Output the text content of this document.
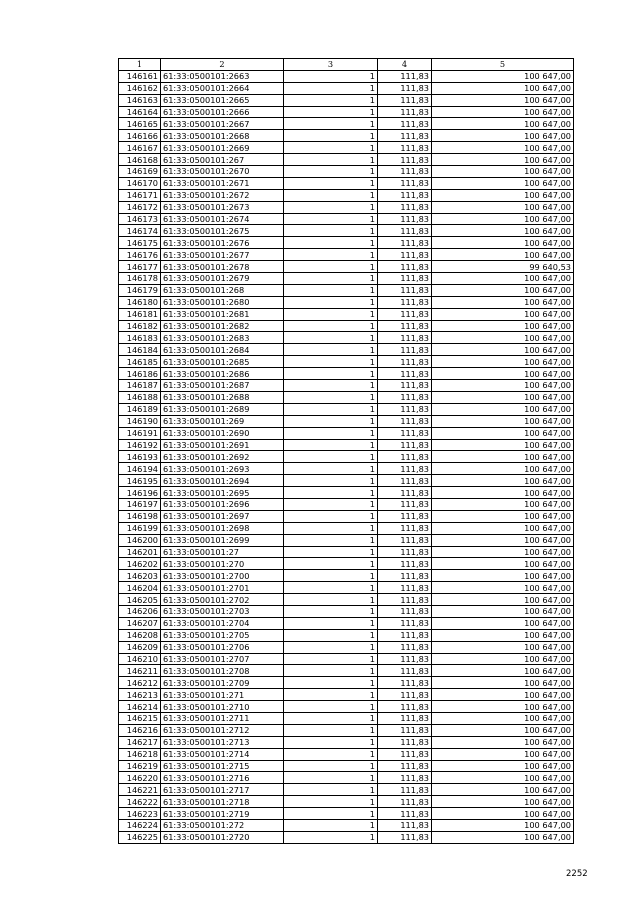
1	2	3	4	5
146161	61:33:0500101:2663	1	111,83	100 647,00
146162	61:33:0500101:2664	1	111,83	100 647,00
146163	61:33:0500101:2665	1	111,83	100 647,00
146164	61:33:0500101:2666	1	111,83	100 647,00
146165	61:33:0500101:2667	1	111,83	100 647,00
146166	61:33:0500101:2668	1	111,83	100 647,00
146167	61:33:0500101:2669	1	111,83	100 647,00
146168	61:33:0500101:267	1	111,83	100 647,00
146169	61:33:0500101:2670	1	111,83	100 647,00
146170	61:33:0500101:2671	1	111,83	100 647,00
146171	61:33:0500101:2672	1	111,83	100 647,00
146172	61:33:0500101:2673	1	111,83	100 647,00
146173	61:33:0500101:2674	1	111,83	100 647,00
146174	61:33:0500101:2675	1	111,83	100 647,00
146175	61:33:0500101:2676	1	111,83	100 647,00
146176	61:33:0500101:2677	1	111,83	100 647,00
146177	61:33:0500101:2678	1	111,83	99 640,53
146178	61:33:0500101:2679	1	111,83	100 647,00
146179	61:33:0500101:268	1	111,83	100 647,00
146180	61:33:0500101:2680	1	111,83	100 647,00
146181	61:33:0500101:2681	1	111,83	100 647,00
146182	61:33:0500101:2682	1	111,83	100 647,00
146183	61:33:0500101:2683	1	111,83	100 647,00
146184	61:33:0500101:2684	1	111,83	100 647,00
146185	61:33:0500101:2685	1	111,83	100 647,00
146186	61:33:0500101:2686	1	111,83	100 647,00
146187	61:33:0500101:2687	1	111,83	100 647,00
146188	61:33:0500101:2688	1	111,83	100 647,00
146189	61:33:0500101:2689	1	111,83	100 647,00
146190	61:33:0500101:269	1	111,83	100 647,00
146191	61:33:0500101:2690	1	111,83	100 647,00
146192	61:33:0500101:2691	1	111,83	100 647,00
146193	61:33:0500101:2692	1	111,83	100 647,00
146194	61:33:0500101:2693	1	111,83	100 647,00
146195	61:33:0500101:2694	1	111,83	100 647,00
146196	61:33:0500101:2695	1	111,83	100 647,00
146197	61:33:0500101:2696	1	111,83	100 647,00
146198	61:33:0500101:2697	1	111,83	100 647,00
146199	61:33:0500101:2698	1	111,83	100 647,00
146200	61:33:0500101:2699	1	111,83	100 647,00
146201	61:33:0500101:27	1	111,83	100 647,00
146202	61:33:0500101:270	1	111,83	100 647,00
146203	61:33:0500101:2700	1	111,83	100 647,00
146204	61:33:0500101:2701	1	111,83	100 647,00
146205	61:33:0500101:2702	1	111,83	100 647,00
146206	61:33:0500101:2703	1	111,83	100 647,00
146207	61:33:0500101:2704	1	111,83	100 647,00
146208	61:33:0500101:2705	1	111,83	100 647,00
146209	61:33:0500101:2706	1	111,83	100 647,00
146210	61:33:0500101:2707	1	111,83	100 647,00
146211	61:33:0500101:2708	1	111,83	100 647,00
146212	61:33:0500101:2709	1	111,83	100 647,00
146213	61:33:0500101:271	1	111,83	100 647,00
146214	61:33:0500101:2710	1	111,83	100 647,00
146215	61:33:0500101:2711	1	111,83	100 647,00
146216	61:33:0500101:2712	1	111,83	100 647,00
146217	61:33:0500101:2713	1	111,83	100 647,00
146218	61:33:0500101:2714	1	111,83	100 647,00
146219	61:33:0500101:2715	1	111,83	100 647,00
146220	61:33:0500101:2716	1	111,83	100 647,00
146221	61:33:0500101:2717	1	111,83	100 647,00
146222	61:33:0500101:2718	1	111,83	100 647,00
146223	61:33:0500101:2719	1	111,83	100 647,00
146224	61:33:0500101:272	1	111,83	100 647,00
146225	61:33:0500101:2720	1	111,83	100 647,00
2252
